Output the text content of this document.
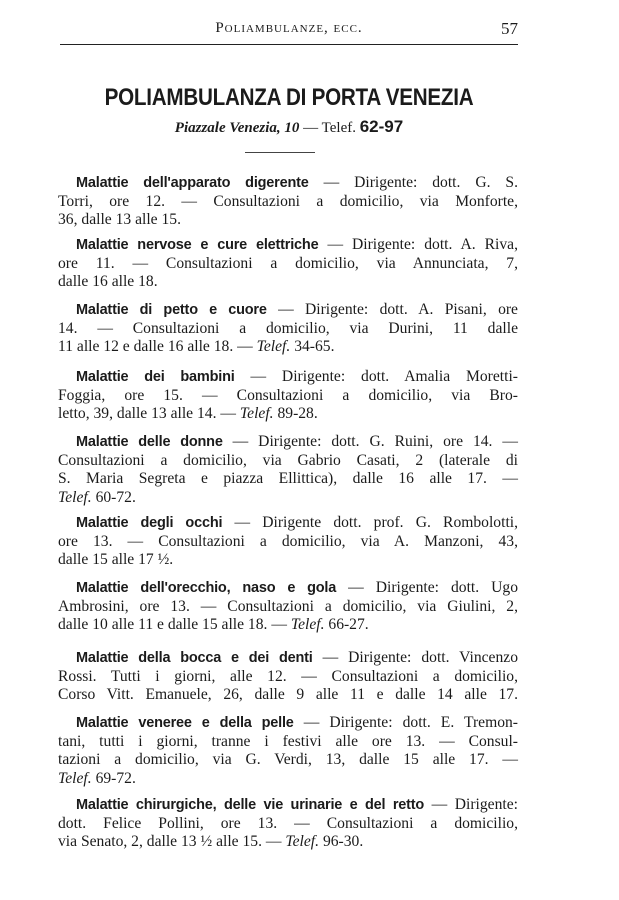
Poliambulanze, ecc.	57
POLIAMBULANZA DI PORTA VENEZIA
Piazzale Venezia, 10 — Telef. 62-97
Malattie dell'apparato digerente — Dirigente: dott. G. S.
Torri, ore 12. — Consultazioni a domicilio, via Monforte,
36, dalle 13 alle 15.
Malattie nervose e cure elettriche — Dirigente: dott. A. Riva,
ore 11. — Consultazioni a domicilio, via Annunciata, 7,
dalle 16 alle 18.
Malattie di petto e cuore — Dirigente: dott. A. Pisani, ore
14. — Consultazioni a domicilio, via Durini, 11 dalle
11 alle 12 e dalle 16 alle 18. — Telef. 34-65.
Malattie dei bambini — Dirigente: dott. Amalia Moretti-
Foggia, ore 15. — Consultazioni a domicilio, via Bro-
letto, 39, dalle 13 alle 14. — Telef. 89-28.
Malattie delle donne — Dirigente: dott. G. Ruini, ore 14. —
Consultazioni a domicilio, via Gabrio Casati, 2 (laterale di
S. Maria Segreta e piazza Ellittica), dalle 16 alle 17. —
Telef. 60-72.
Malattie degli occhi — Dirigente dott. prof. G. Rombolotti,
ore 13. — Consultazioni a domicilio, via A. Manzoni, 43,
dalle 15 alle 17 ½.
Malattie dell'orecchio, naso e gola — Dirigente: dott. Ugo
Ambrosini, ore 13. — Consultazioni a domicilio, via Giulini, 2,
dalle 10 alle 11 e dalle 15 alle 18. — Telef. 66-27.
Malattie della bocca e dei denti — Dirigente: dott. Vincenzo
Rossi. Tutti i giorni, alle 12. — Consultazioni a domicilio,
Corso Vitt. Emanuele, 26, dalle 9 alle 11 e dalle 14 alle 17.
Malattie veneree e della pelle — Dirigente: dott. E. Tremon-
tani, tutti i giorni, tranne i festivi alle ore 13. — Consul-
tazioni a domicilio, via G. Verdi, 13, dalle 15 alle 17. —
Telef. 69-72.
Malattie chirurgiche, delle vie urinarie e del retto — Dirigente:
dott. Felice Pollini, ore 13. — Consultazioni a domicilio,
via Senato, 2, dalle 13 ½ alle 15. — Telef. 96-30.
